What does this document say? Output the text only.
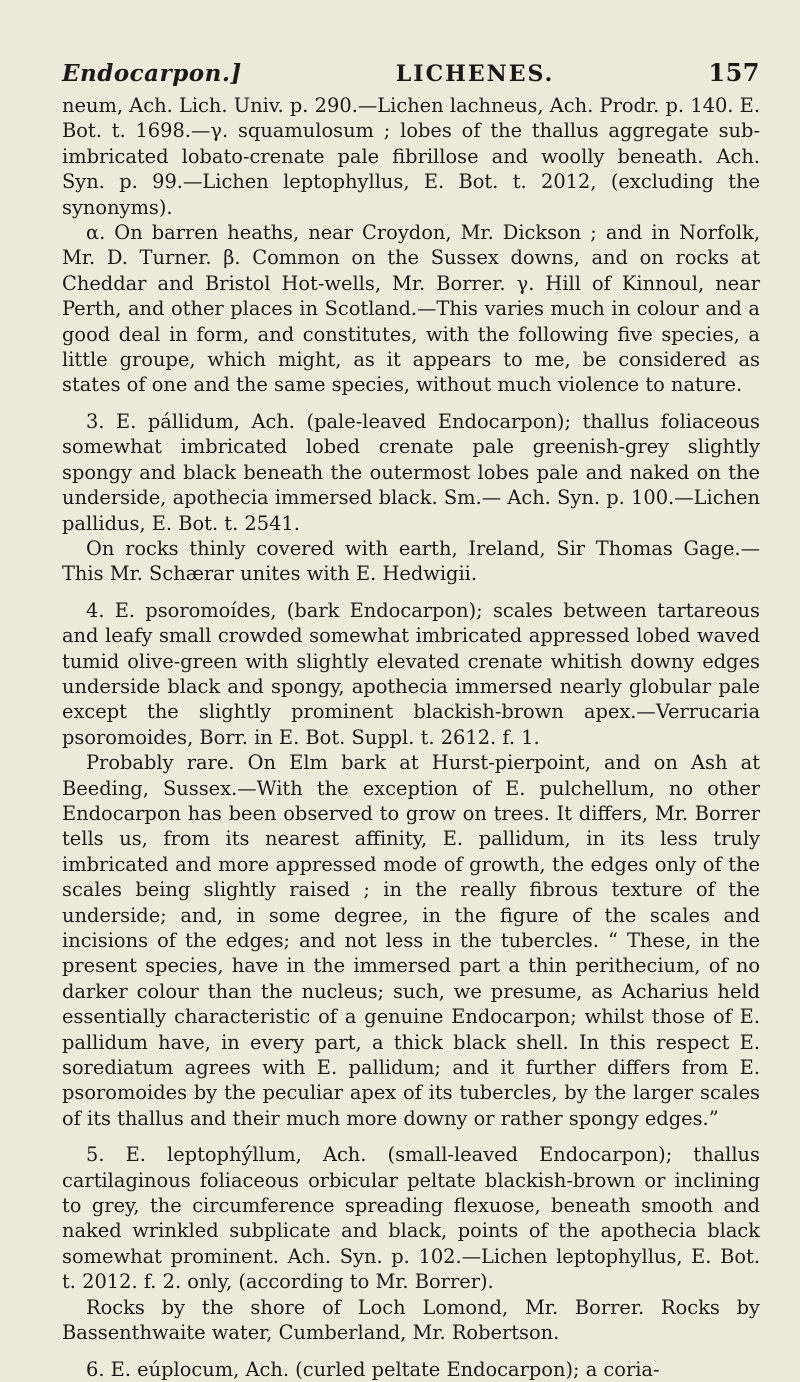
Endocarpon.]	LICHENES.	157

neum, Ach. Lich. Univ. p. 290.—Lichen lachneus, Ach. Prodr. p. 140. E. Bot. t. 1698.—γ. squamulosum ; lobes of the thallus aggregate sub-imbricated lobato-crenate pale fibrillose and woolly beneath. Ach. Syn. p. 99.—Lichen leptophyllus, E. Bot. t. 2012, (excluding the synonyms).

α. On barren heaths, near Croydon, Mr. Dickson ; and in Norfolk, Mr. D. Turner. β. Common on the Sussex downs, and on rocks at Cheddar and Bristol Hot-wells, Mr. Borrer. γ. Hill of Kinnoul, near Perth, and other places in Scotland.—This varies much in colour and a good deal in form, and constitutes, with the following five species, a little groupe, which might, as it appears to me, be considered as states of one and the same species, without much violence to nature.

3. E. pállidum, Ach. (pale-leaved Endocarpon); thallus foliaceous somewhat imbricated lobed crenate pale greenish-grey slightly spongy and black beneath the outermost lobes pale and naked on the underside, apothecia immersed black. Sm.— Ach. Syn. p. 100.—Lichen pallidus, E. Bot. t. 2541.

On rocks thinly covered with earth, Ireland, Sir Thomas Gage.— This Mr. Schærar unites with E. Hedwigii.

4. E. psoromoídes, (bark Endocarpon); scales between tartareous and leafy small crowded somewhat imbricated appressed lobed waved tumid olive-green with slightly elevated crenate whitish downy edges underside black and spongy, apothecia immersed nearly globular pale except the slightly prominent blackish-brown apex.—Verrucaria psoromoides, Borr. in E. Bot. Suppl. t. 2612. f. 1.

Probably rare. On Elm bark at Hurst-pierpoint, and on Ash at Beeding, Sussex.—With the exception of E. pulchellum, no other Endocarpon has been observed to grow on trees. It differs, Mr. Borrer tells us, from its nearest affinity, E. pallidum, in its less truly imbricated and more appressed mode of growth, the edges only of the scales being slightly raised ; in the really fibrous texture of the underside; and, in some degree, in the figure of the scales and incisions of the edges; and not less in the tubercles. “ These, in the present species, have in the immersed part a thin perithecium, of no darker colour than the nucleus; such, we presume, as Acharius held essentially characteristic of a genuine Endocarpon; whilst those of E. pallidum have, in every part, a thick black shell. In this respect E. sorediatum agrees with E. pallidum; and it further differs from E. psoromoides by the peculiar apex of its tubercles, by the larger scales of its thallus and their much more downy or rather spongy edges.”

5. E. leptophýllum, Ach. (small-leaved Endocarpon); thallus cartilaginous foliaceous orbicular peltate blackish-brown or inclining to grey, the circumference spreading flexuose, beneath smooth and naked wrinkled subplicate and black, points of the apothecia black somewhat prominent. Ach. Syn. p. 102.—Lichen leptophyllus, E. Bot. t. 2012. f. 2. only, (according to Mr. Borrer).

Rocks by the shore of Loch Lomond, Mr. Borrer. Rocks by Bassenthwaite water, Cumberland, Mr. Robertson.

6. E. eúplocum, Ach. (curled peltate Endocarpon); a coria-
